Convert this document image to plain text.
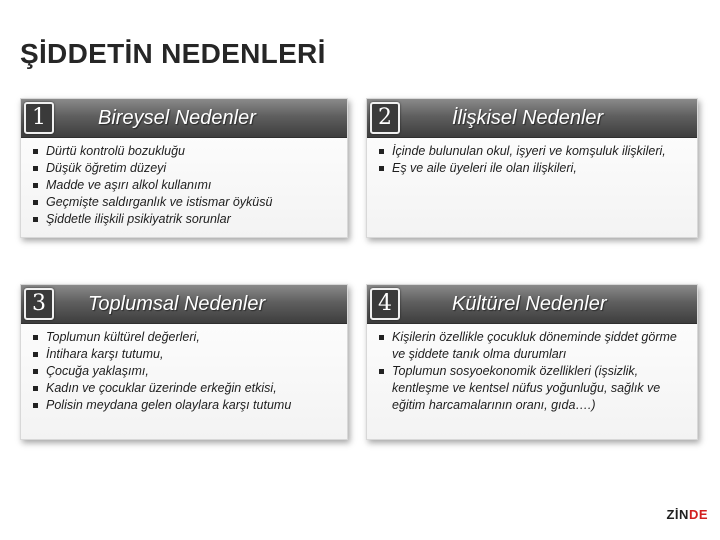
ŞİDDETİN NEDENLERİ
1	Bireysel Nedenler
Dürtü kontrolü bozukluğu
Düşük öğretim düzeyi
Madde ve aşırı alkol kullanımı
Geçmişte saldırganlık ve istismar öyküsü
Şiddetle ilişkili psikiyatrik sorunlar
2	İlişkisel Nedenler
İçinde bulunulan okul, işyeri ve komşuluk ilişkileri,
Eş ve aile üyeleri ile olan ilişkileri,
3	Toplumsal Nedenler
Toplumun kültürel değerleri,
İntihara karşı tutumu,
Çocuğa yaklaşımı,
Kadın ve çocuklar üzerinde erkeğin etkisi,
Polisin meydana gelen olaylara karşı tutumu
4	Kültürel Nedenler
Kişilerin özellikle çocukluk döneminde şiddet görme ve şiddete tanık olma durumları
Toplumun sosyoekonomik özellikleri (işsizlik, kentleşme ve kentsel nüfus yoğunluğu, sağlık ve eğitim harcamalarının oranı, gıda….)
ZİNDE
